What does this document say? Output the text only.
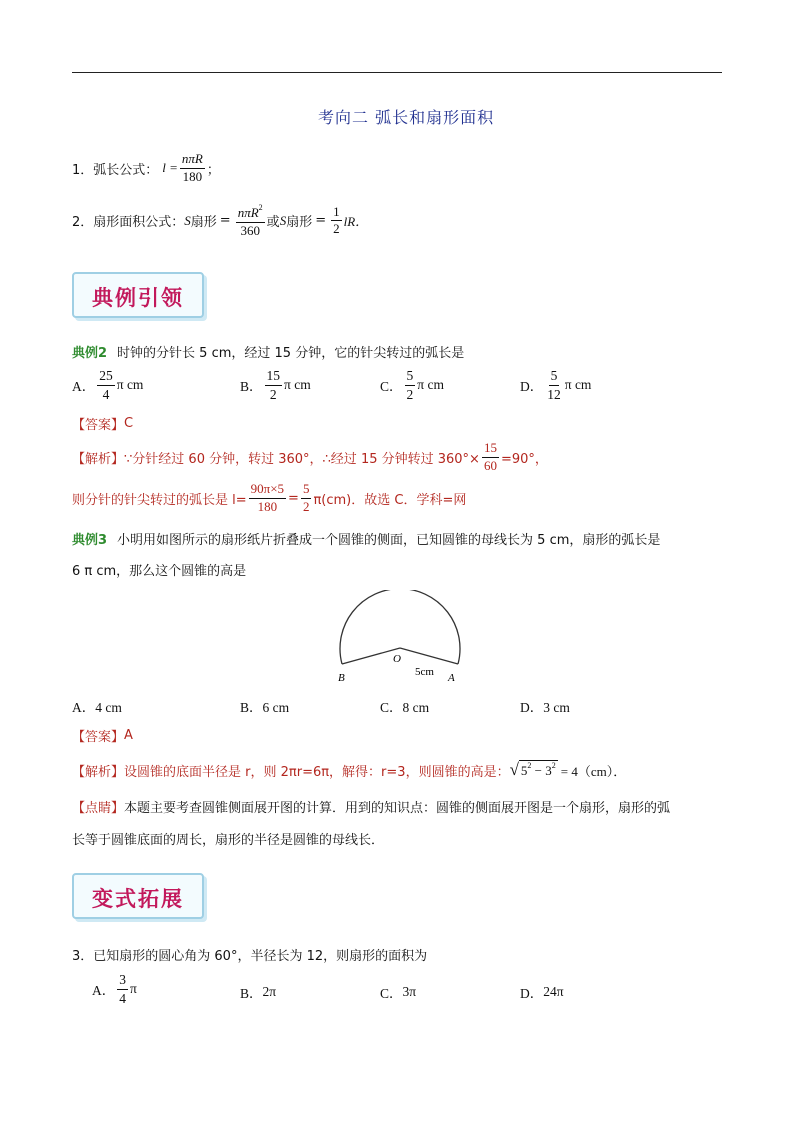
考向二 弧长和扇形面积
1．弧长公式： $l = \frac{\text{nπR}}{180}$ ；
2．扇形面积公式： S 扇形 = $\frac{n\pi R^2}{360}$ 或 S 扇形 = $\frac{1}{2}$ lR．
典例引领
典例2 时钟的分针长 5 cm，经过 15 分钟，它的针尖转过的弧长是
A． $\frac{25}{4}$ π cm	B． $\frac{15}{2}$ π cm	C． $\frac{5}{2}$ π cm	D． $\frac{5}{12}$ π cm
【答案】 C
【解析】 ∵分针经过 60 分钟，转过 360°，∴经过 15 分钟转过 $360^\circ\times \frac{15}{60} =90^\circ$，
则分针的针尖转过的弧长是 $l= \frac{90\pi\times 5}{180} = \frac{5}{2} \pi(cm)$．故选 C．学科=网
典例3 小明用如图所示的扇形纸片折叠成一个圆锥的侧面，已知圆锥的母线长为 5 cm，扇形的弧长是
6 π cm，那么这个圆锥的高是
O
B	A
5cm
A．4 cm	B．6 cm	C．8 cm	D．3 cm
【答案】 A
【解析】 设圆锥的底面半径是 r，则 2πr=6π，解得：r=3，则圆锥的高是： √ $5^2 - 3^2 = 4(cm)$．
【点睛】 本题主要考查圆锥侧面展开图的计算．用到的知识点：圆锥的侧面展开图是一个扇形，扇形的弧
长等于圆锥底面的周长，扇形的半径是圆锥的母线长．
变式拓展
3．已知扇形的圆心角为 60°，半径长为 12，则扇形的面积为
A． $\frac{3}{4}$ π	B． 2π	C． 3π	D． 24π
